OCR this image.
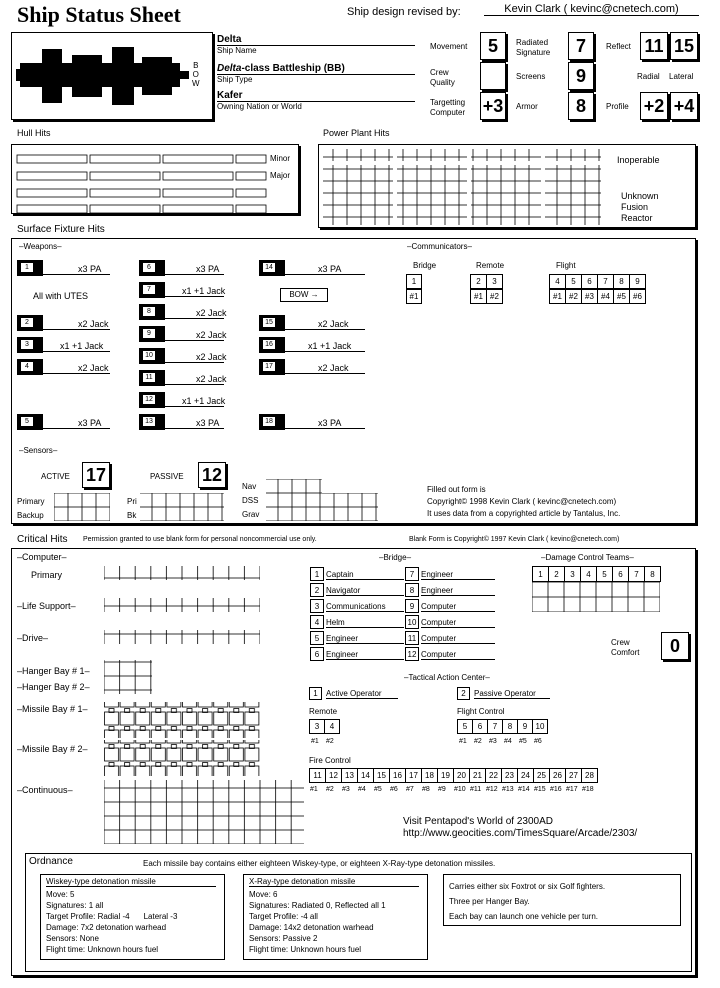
Ship Status Sheet	Ship design revised by:	Kevin Clark ( kevinc@cnetech.com)
B
O
W
Delta
Ship Name
Delta-class Battleship (BB)
Ship Type
Kafer
Owning Nation or World
Movement	5
Crew Quality
Targetting Computer +3
Radiated Signature	7
Screens	9
Armor	8
Reflect 11 15
Radial Lateral
Profile +2 +4
Hull Hits
Minor
Major
Power Plant Hits
Inoperable
Unknown Fusion Reactor
Surface Fixture Hits
–Weapons–
1	x3 PA
2	x2 Jack
3	x1 +1 Jack
4	x2 Jack
5	x3 PA
6	x3 PA
7	x1 +1 Jack
8	x2 Jack
9	x2 Jack
10	x2 Jack
11	x2 Jack
12	x1 +1 Jack
13	x3 PA
14	x3 PA
15	x2 Jack
16	x1 +1 Jack
17	x2 Jack
18	x3 PA
All with UTES	BOW →
–Communicators–
Bridge	Remote	Flight
1
#1
2	3
#1 #2
4	5	6	7	8	9
#1 #2 #3 #4 #5 #6
–Sensors–
ACTIVE 17	PASSIVE 12
Primary
Backup
Pri
Bk
Nav
DSS
Grav
Filled out form is
Copyright© 1998 Kevin Clark ( kevinc@cnetech.com)
It uses data from a copyrighted article by Tantalus, Inc.
Critical Hits Permission granted to use blank form for personal noncommercial use only.	Blank Form is Copyright© 1997 Kevin Clark ( kevinc@cnetech.com)
–Computer–
Primary
–Life Support–
–Drive–
–Hanger Bay # 1–
–Hanger Bay # 2–
–Missile Bay # 1–
–Missile Bay # 2–
–Continuous–
–Bridge–
1 Captain
2 Navigator
3 Communications
4 Helm
5 Engineer
6 Engineer
7 Engineer
8 Engineer
9 Computer
10 Computer
11 Computer
12 Computer
–Damage Control Teams–
1	2	3	4	5	6	7	8
Crew Comfort	0
–Tactical Action Center–
1	Active Operator	2	Passive Operator
Remote	Flight Control
Fire Control
3	4
#1 #2
5	6	7	8	9	10
#1 #2 #3 #4 #5 #6
11 12 13 14 15 16 17 18 19 20 21 22 23 24 25 26 27 28
#1 #2 #3 #4 #5 #6 #7 #8 #9 #10 #11 #12 #13 #14 #15 #16 #17 #18
Visit Pentapod's World of 2300AD
http://www.geocities.com/TimesSquare/Arcade/2303/
Ordnance	Each missile bay contains either eighteen Wiskey-type, or eighteen X-Ray-type detonation missiles.
Wiskey-type detonation missile
Move: 5
Signatures: 1 all
Target Profile: Radial -4 Lateral -3
Damage: 7x2 detonation warhead
Sensors: None
Flight time: Unknown hours fuel
X-Ray-type detonation missile
Move: 6
Signatures: Radiated 0, Reflected all 1
Target Profile: -4 all
Damage: 14x2 detonation warhead
Sensors: Passive 2
Flight time: Unknown hours fuel
Carries either six Foxtrot or six Golf fighters.
Three per Hanger Bay.
Each bay can launch one vehicle per turn.
